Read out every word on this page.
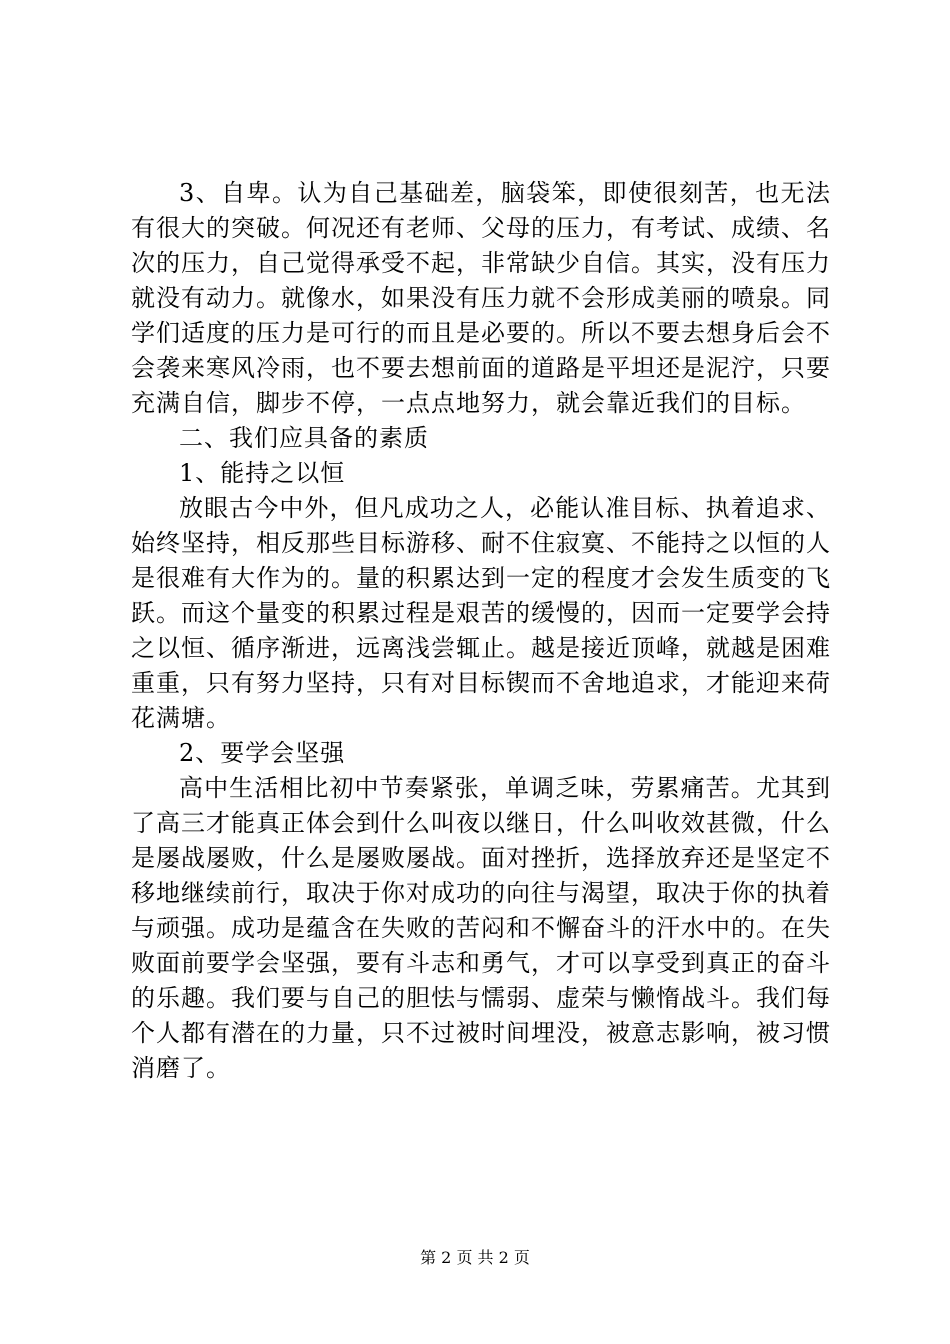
3、自卑。认为自己基础差，脑袋笨，即使很刻苦，也无法有很大的突破。何况还有老师、父母的压力，有考试、成绩、名次的压力，自己觉得承受不起，非常缺少自信。其实，没有压力就没有动力。就像水，如果没有压力就不会形成美丽的喷泉。同学们适度的压力是可行的而且是必要的。所以不要去想身后会不会袭来寒风冷雨，也不要去想前面的道路是平坦还是泥泞，只要充满自信，脚步不停，一点点地努力，就会靠近我们的目标。

二、我们应具备的素质

1、能持之以恒

放眼古今中外，但凡成功之人，必能认准目标、执着追求、始终坚持，相反那些目标游移、耐不住寂寞、不能持之以恒的人是很难有大作为的。量的积累达到一定的程度才会发生质变的飞跃。而这个量变的积累过程是艰苦的缓慢的，因而一定要学会持之以恒、循序渐进，远离浅尝辄止。越是接近顶峰，就越是困难重重，只有努力坚持，只有对目标锲而不舍地追求，才能迎来荷花满塘。

2、要学会坚强

高中生活相比初中节奏紧张，单调乏味，劳累痛苦。尤其到了高三才能真正体会到什么叫夜以继日，什么叫收效甚微，什么是屡战屡败，什么是屡败屡战。面对挫折，选择放弃还是坚定不移地继续前行，取决于你对成功的向往与渴望，取决于你的执着与顽强。成功是蕴含在失败的苦闷和不懈奋斗的汗水中的。在失败面前要学会坚强，要有斗志和勇气，才可以享受到真正的奋斗的乐趣。我们要与自己的胆怯与懦弱、虚荣与懒惰战斗。我们每个人都有潜在的力量，只不过被时间埋没，被意志影响，被习惯消磨了。

第 2 页 共 2 页
